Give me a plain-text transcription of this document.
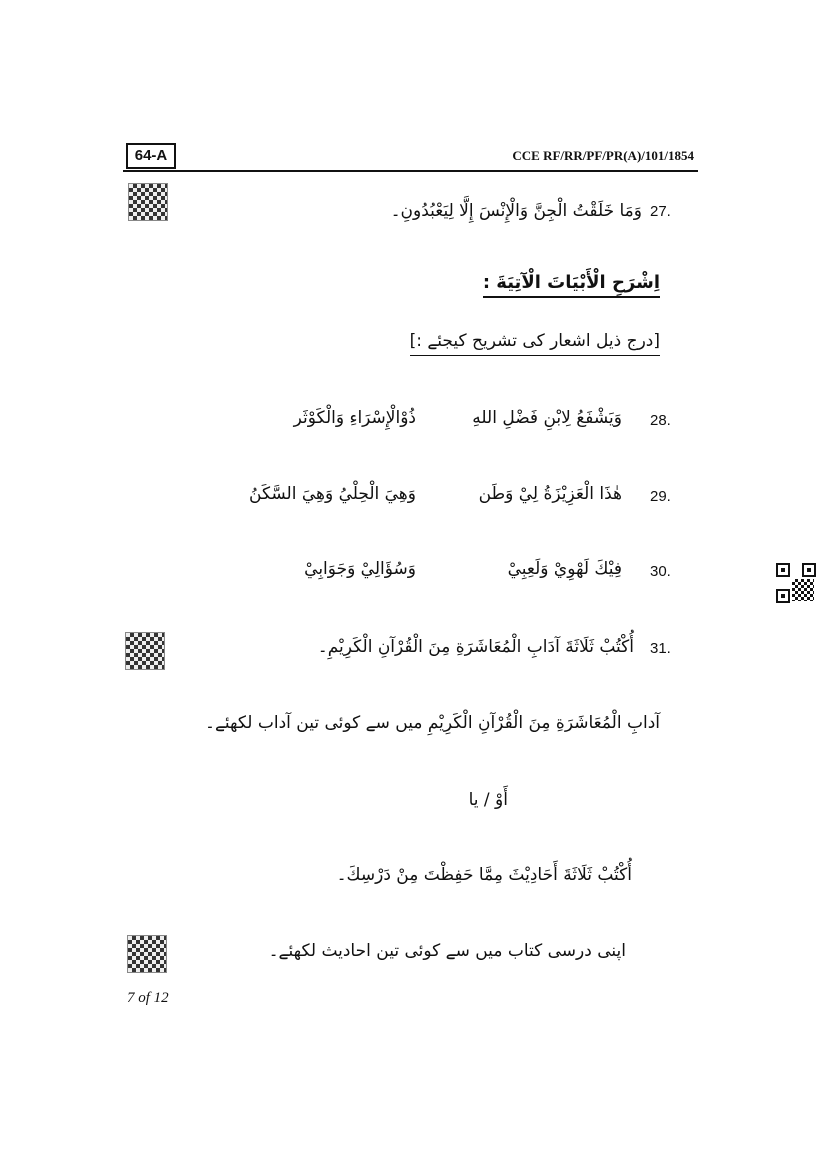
64-A	CCE RF/RR/PF/PR(A)/101/1854
27.
وَمَا خَلَقْتُ الْجِنَّ وَالْإِنْسَ إِلَّا لِيَعْبُدُونِ۔
اِشْرَحِ الْأَبْيَاتَ الْآتِيَةَ :
[درج ذیل اشعار کی تشریح کیجئے :]
28.
وَيَشْفَعُ لِابْنِ فَضْلِ اللهِ
ذُوْالْإِسْرَاءِ وَالْكَوْثَر
29.
هٰذَا الْعَزِيْزَةُ لِيْ وَطَن
وَهِيَ الْحِلْيُ وَهِيَ السَّكَنُ
30.
فِيْكَ لَهْوِيْ وَلَعِبِيْ
وَسُؤَالِيْ وَجَوَابِيْ
31.
أُكْتُبْ ثَلَاثَةَ آدَابِ الْمُعَاشَرَةِ مِنَ الْقُرْآنِ الْكَرِيْمِ۔
آدابِ الْمُعَاشَرَةِ مِنَ الْقُرْآنِ الْكَرِيْمِ میں سے کوئی تین آداب لکھئے۔
أَوْ / یا
أُكْتُبْ ثَلَاثَةَ أَحَادِيْثَ مِمَّا حَفِظْتَ مِنْ دَرْسِكَ۔
اپنی درسی کتاب میں سے کوئی تین احادیث لکھئے۔
7 of 12
